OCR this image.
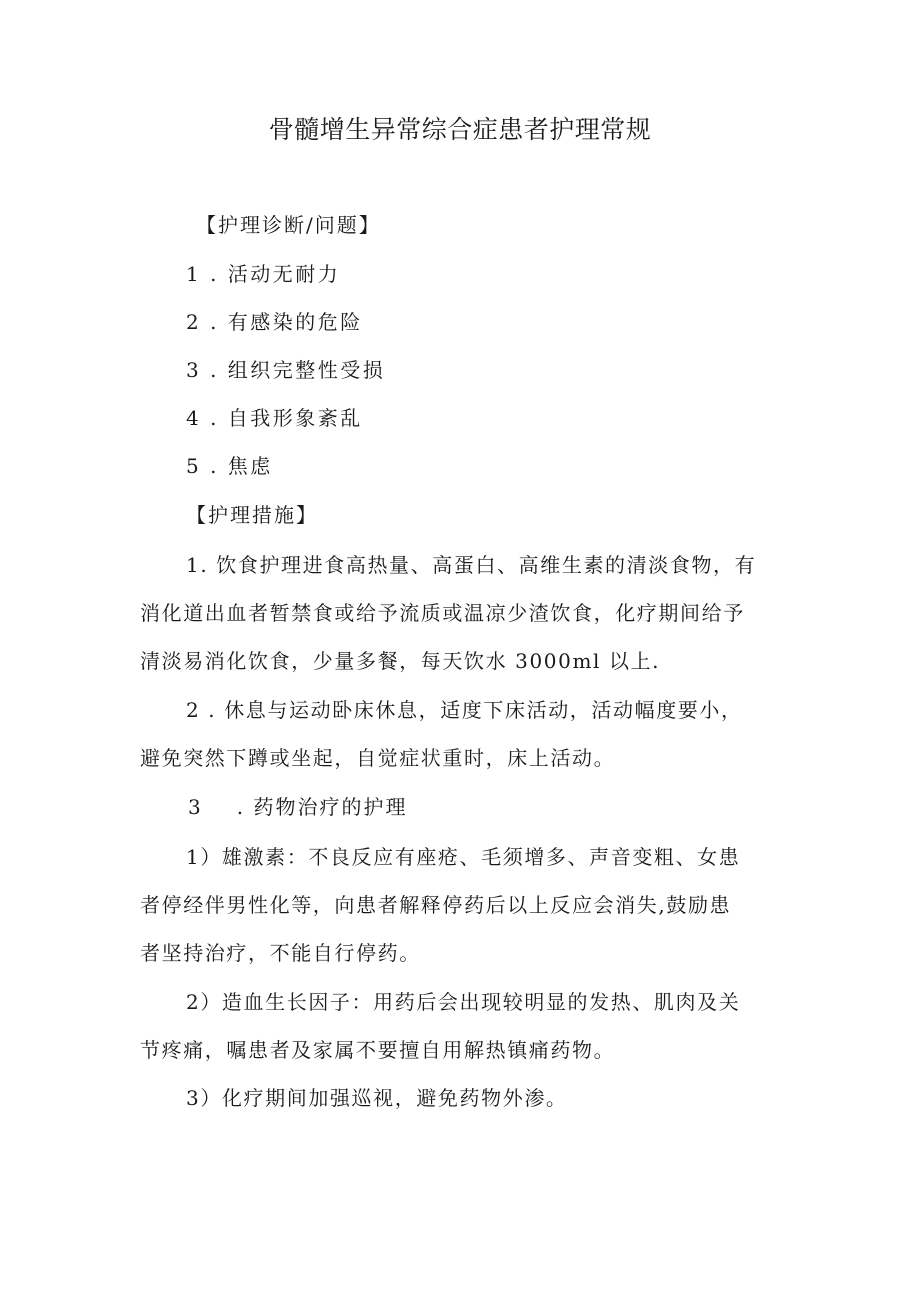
骨髓增生异常综合症患者护理常规
【护理诊断/问题】
1 . 活动无耐力
2 . 有感染的危险
3 . 组织完整性受损
4 . 自我形象紊乱
5 . 焦虑
【护理措施】
1. 饮食护理进食高热量、高蛋白、高维生素的清淡食物，有
消化道出血者暂禁食或给予流质或温凉少渣饮食，化疗期间给予
清淡易消化饮食，少量多餐，每天饮水 3000ml 以上.
2 . 休息与运动卧床休息，适度下床活动，活动幅度要小，
避免突然下蹲或坐起，自觉症状重时，床上活动。
3 . 药物治疗的护理
1）雄激素：不良反应有座疮、毛须增多、声音变粗、女患
者停经伴男性化等，向患者解释停药后以上反应会消失,鼓励患
者坚持治疗，不能自行停药。
2）造血生长因子：用药后会出现较明显的发热、肌肉及关
节疼痛，嘱患者及家属不要擅自用解热镇痛药物。
3）化疗期间加强巡视，避免药物外渗。
